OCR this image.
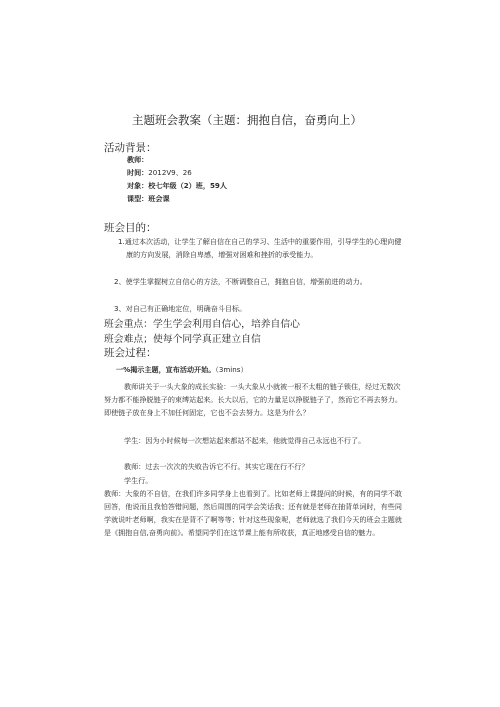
主题班会教案（主题：拥抱自信，奋勇向上）
活动背景：
教师：
时间：2012V9、26
对象：校七年级（2）班，59人
课型：班会课
班会目的：
1.通过本次活动，让学生了解自信在自己的学习、生活中的重要作用，引导学生的心理向健康的方向发展，消除自卑感，增强对困难和挫折的承受能力。
2、使学生掌握树立自信心的方法，不断调整自己，拥抱自信，增强前进的动力。
3、对自己有正确地定位，明确奋斗目标。
班会重点：学生学会利用自信心，培养自信心
班会难点；使每个同学真正建立自信
班会过程：
一%揭示主题，宣布活动开始。（3mins）
教师讲关于一头大象的成长实验：一头大象从小就被一根不太粗的链子锁住，经过无数次努力都不能挣脱链子的束缚站起来。长大以后，它的力量足以挣脱链子了，然而它不再去努力。即使链子放在身上不加任何固定，它也不会去努力。这是为什么？
学生：因为小时候每一次想站起来都站不起来，他就觉得自己永远也不行了。
教师：过去一次次的失败告诉它不行。其实它现在行不行？
学生行。
教师：大象的不自信，在我们许多同学身上也看到了。比如老师上课提问的时候，有的同学不敢回答，他说而且我怕答错问题，然后周围的同学会笑话我；还有就是老师在抽背单词时，有些同学就说叶老师啊，我实在是背不了啊等等；针对这些现象呢，老师就选了我们今天的班会主题就是《拥抱自信,奋勇向前》。希望同学们在这节课上能有所收获，真正地感受自信的魅力。
